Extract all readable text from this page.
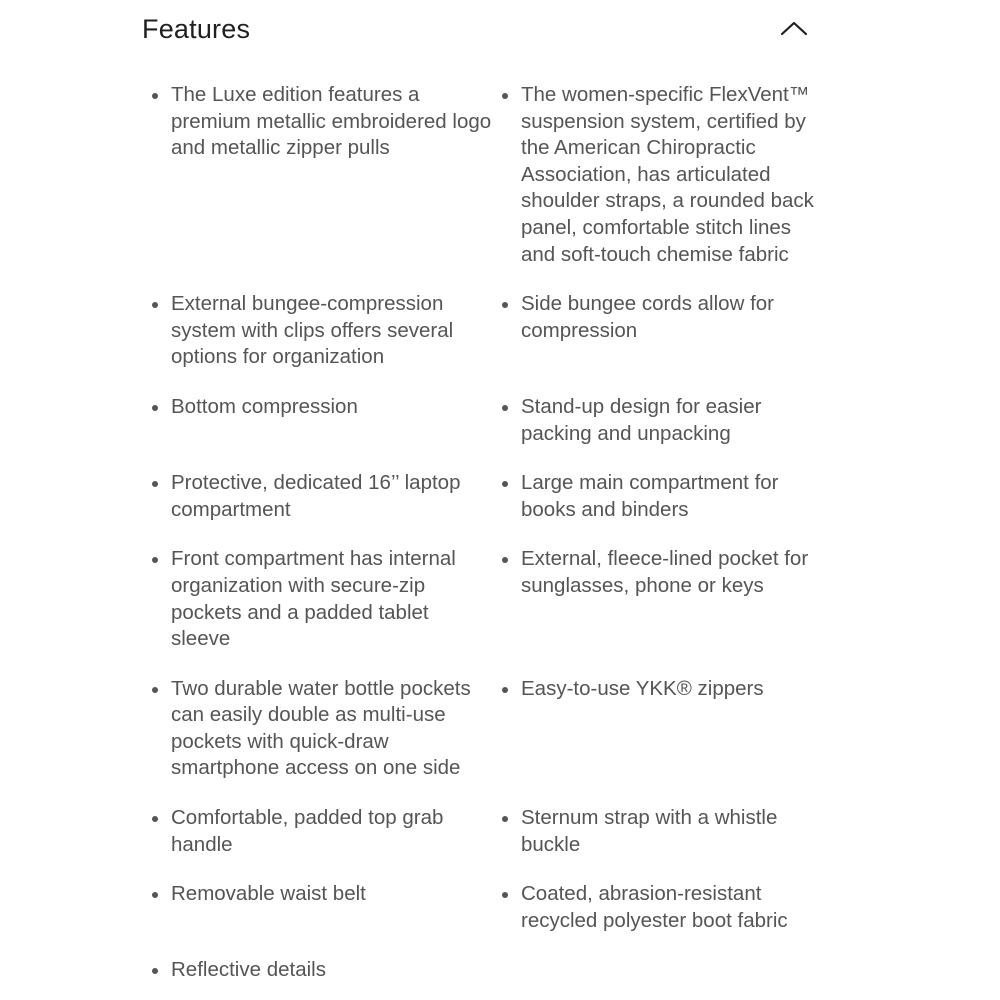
Features
The Luxe edition features a premium metallic embroidered logo and metallic zipper pulls
The women-specific FlexVent™ suspension system, certified by the American Chiropractic Association, has articulated shoulder straps, a rounded back panel, comfortable stitch lines and soft-touch chemise fabric
External bungee-compression system with clips offers several options for organization
Side bungee cords allow for compression
Bottom compression	Stand-up design for easier packing and unpacking
Protective, dedicated 16’’ laptop compartment
Large main compartment for books and binders
Front compartment has internal organization with secure-zip pockets and a padded tablet sleeve
External, fleece-lined pocket for sunglasses, phone or keys
Two durable water bottle pockets can easily double as multi-use pockets with quick-draw smartphone access on one side
Easy-to-use YKK® zippers
Comfortable, padded top grab handle
Sternum strap with a whistle buckle
Removable waist belt	Coated, abrasion-resistant recycled polyester boot fabric
Reflective details
